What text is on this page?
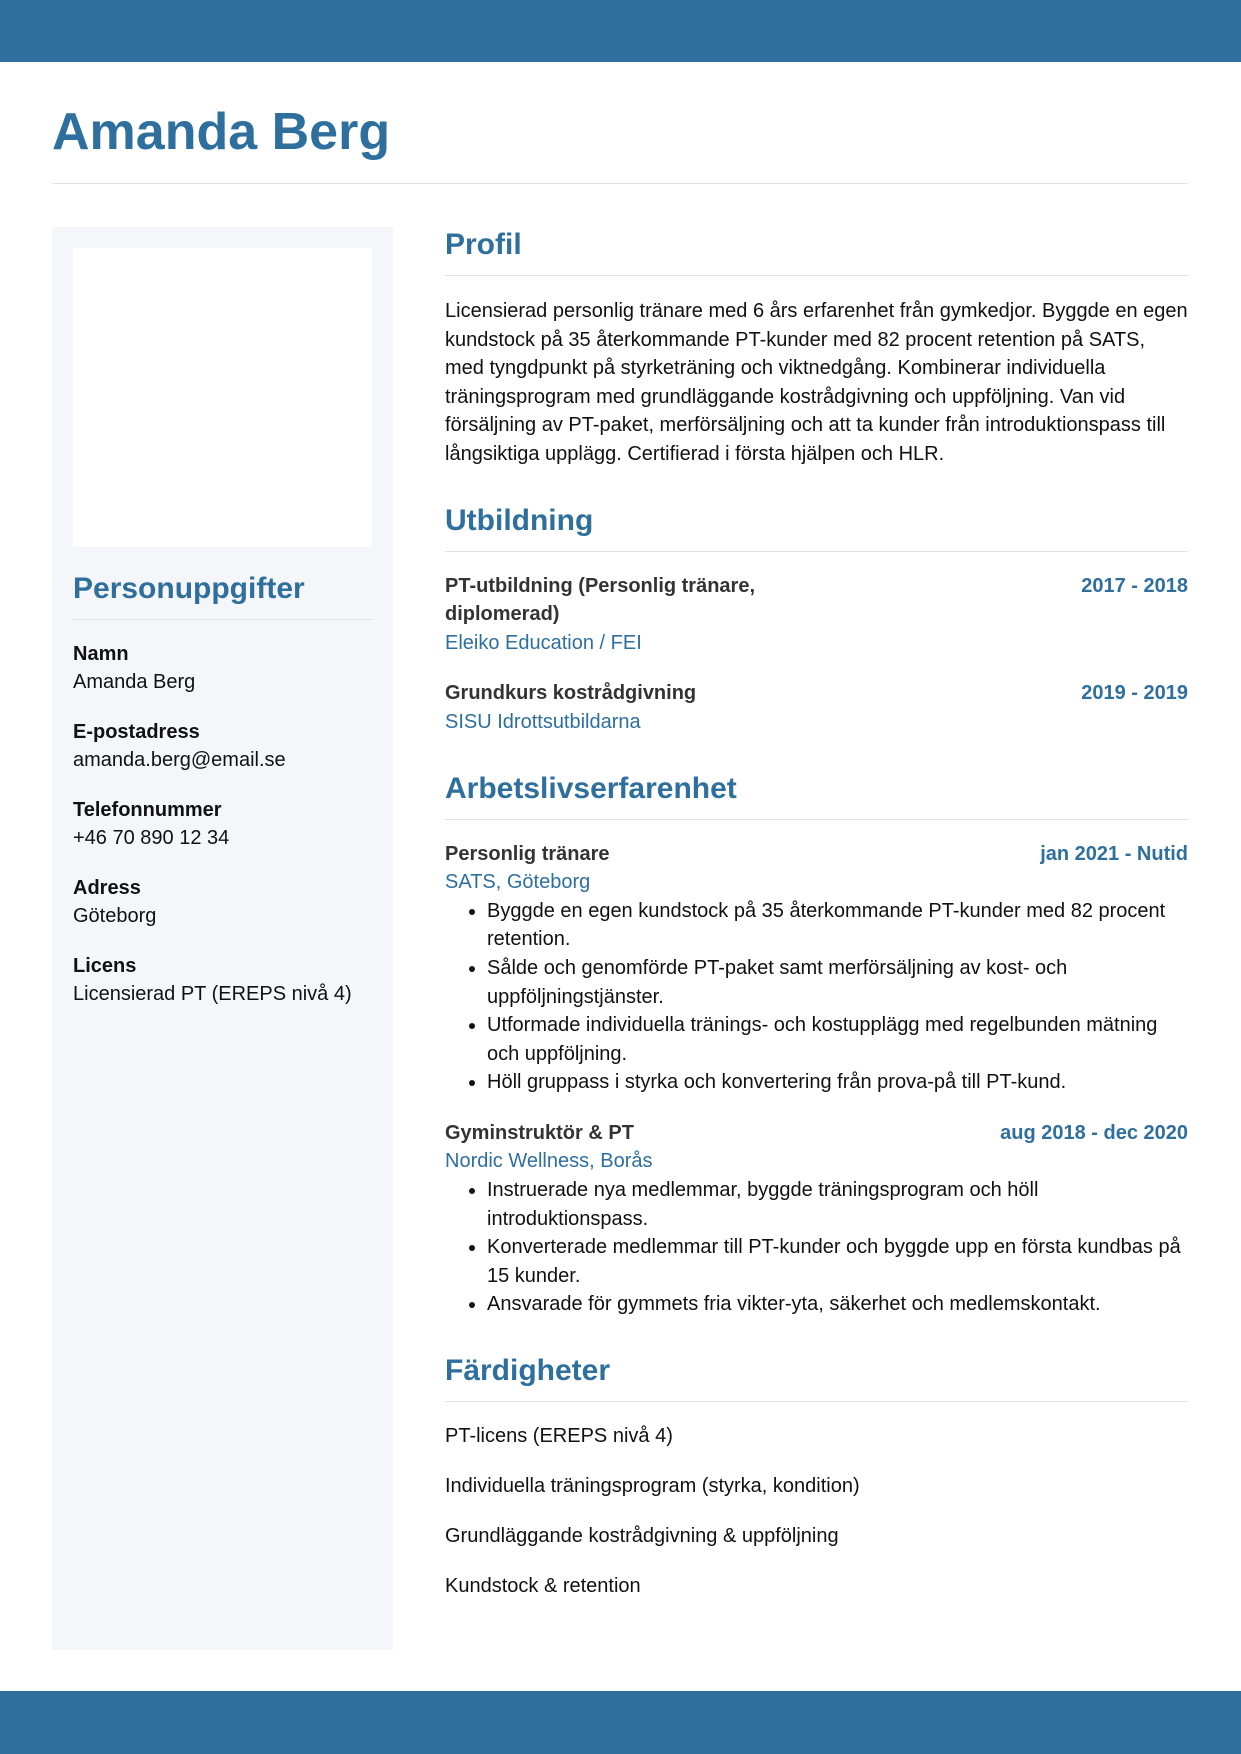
Amanda Berg
Personuppgifter
Namn
Amanda Berg
E-postadress
amanda.berg@email.se
Telefonnummer
+46 70 890 12 34
Adress
Göteborg
Licens
Licensierad PT (EREPS nivå 4)
Profil

Licensierad personlig tränare med 6 års erfarenhet från gymkedjor. Byggde en egen kundstock på 35 återkommande PT-kunder med 82 procent retention på SATS, med tyngdpunkt på styrketräning och viktnedgång. Kombinerar individuella träningsprogram med grundläggande kostrådgivning och uppföljning. Van vid försäljning av PT-paket, merförsäljning och att ta kunder från introduktionspass till långsiktiga upplägg. Certifierad i första hjälpen och HLR.

Utbildning
PT-utbildning (Personlig tränare, diplomerad)
2017 - 2018
Eleiko Education / FEI
Grundkurs kostrådgivning	2019 - 2019
SISU Idrottsutbildarna
Arbetslivserfarenhet
Personlig tränare	jan 2021 - Nutid
SATS, Göteborg
• Byggde en egen kundstock på 35 återkommande PT-kunder med 82 procent retention.
• Sålde och genomförde PT-paket samt merförsäljning av kost- och uppföljningstjänster.
• Utformade individuella tränings- och kostupplägg med regelbunden mätning och uppföljning.
• Höll gruppass i styrka och konvertering från prova-på till PT-kund.
Gyminstruktör & PT	aug 2018 - dec 2020
Nordic Wellness, Borås
• Instruerade nya medlemmar, byggde träningsprogram och höll introduktionspass.
• Konverterade medlemmar till PT-kunder och byggde upp en första kundbas på 15 kunder.
• Ansvarade för gymmets fria vikter-yta, säkerhet och medlemskontakt.
Färdigheter
PT-licens (EREPS nivå 4)
Individuella träningsprogram (styrka, kondition)
Grundläggande kostrådgivning & uppföljning
Kundstock & retention
